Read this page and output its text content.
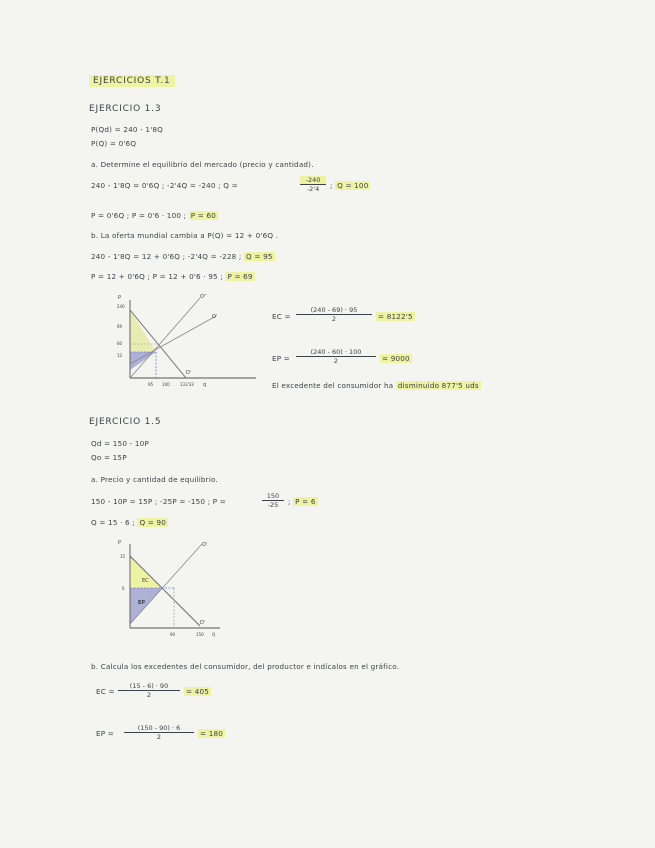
EJERCICIOS T.1
EJERCICIO 1.3
P(Qd) = 240 - 1'8Q
P(Q) = 0'6Q
a. Determine el equilibrio del mercado (precio y cantidad).
240 - 1'8Q = 0'6Q ; -2'4Q = -240 ; Q =	$\frac{-240}{-2'4}$ ; Q = 100
P = 0'6Q ; P = 0'6 · 100 ; P = 60
b. La oferta mundial cambia a P(Q) = 12 + 0'6Q .
240 - 1'8Q = 12 + 0'6Q ; -2'4Q = -228 ; Q = 95
P = 12 + 0'6Q ; P = 12 + 0'6 · 95 ; P = 69
P
240
69
60
12
95 100	133'33 q
O''
O'
D'
EC = $\frac{(240 - 69) \cdot 95}{2} = 8122'5$
EP = $\frac{(240 - 60) \cdot 100}{2} = 9000$
El excedente del consumidor ha disminuido 877'5 uds
EJERCICIO 1.5
Qd = 150 - 10P
Qo = 15P
a. Precio y cantidad de equilibrio.
150 - 10P = 15P ; -25P = -150 ; P =	$\frac{150}{-25}$ ; P = 6
Q = 15 · 6 ; Q = 90
P
15
6
90	150
EC
EP
O'
D'
Q
b. Calcula los excedentes del consumidor, del productor e indícalos en el gráfico.
EC = $\frac{(15 - 6) \cdot 90}{2} = 405$
EP = $\frac{(150 - 90) \cdot 6}{2} = 180$
